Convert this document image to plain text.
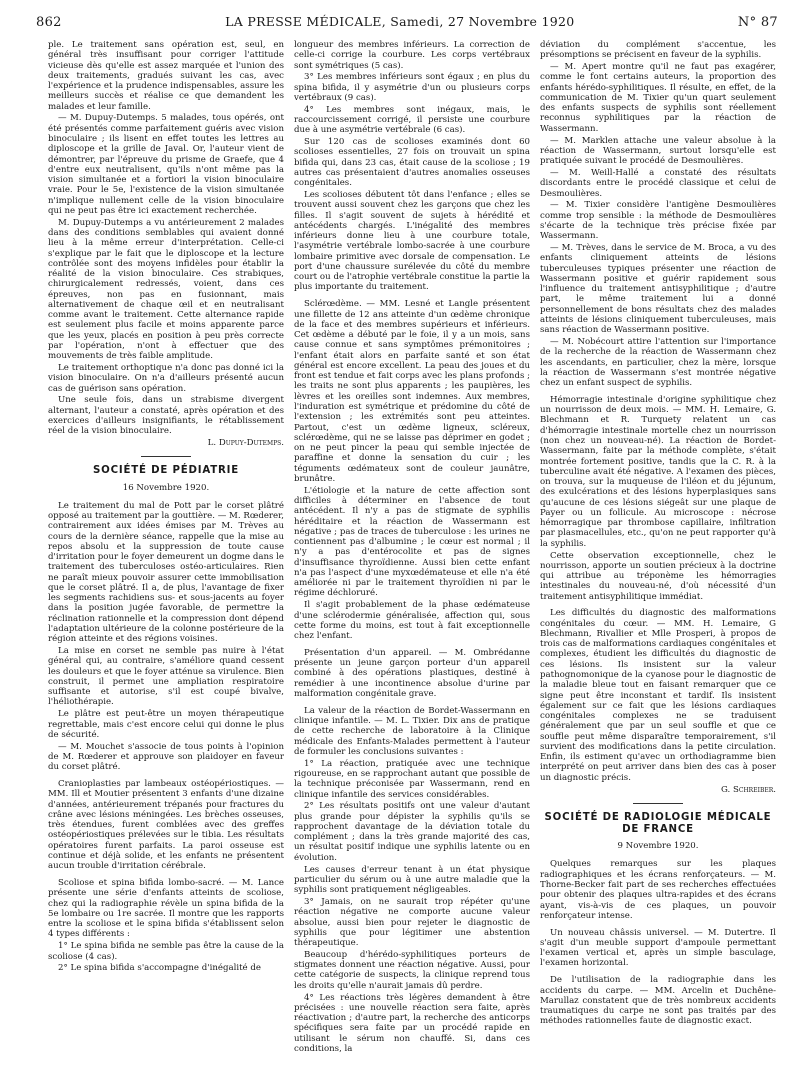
862	LA PRESSE MÉDICALE, Samedi, 27 Novembre 1920	N° 87

ple. Le traitement sans opération est, seul, en général très insuffisant pour corriger l'attitude vicieuse dès qu'elle est assez marquée et l'union des deux traitements, gradués suivant les cas, avec l'expérience et la prudence indispensables, assure les meilleurs succès et réalise ce que demandent les malades et leur famille.

— M. Dupuy-Dutemps. 5 malades, tous opérés, ont été présentés comme parfaitement guéris avec vision binoculaire ; ils lisent en effet toutes les lettres au diploscope et la grille de Javal. Or, l'auteur vient de démontrer, par l'épreuve du prisme de Graefe, que 4 d'entre eux neutralisent, qu'ils n'ont même pas la vision simultanée et a fortiori la vision binoculaire vraie. Pour le 5e, l'existence de la vision simultanée n'implique nullement celle de la vision binoculaire qui ne peut pas être ici exactement recherchée.

M. Dupuy-Dutemps a vu antérieurement 2 malades dans des conditions semblables qui avaient donné lieu à la même erreur d'interprétation. Celle-ci s'explique par le fait que le diploscope et la lecture contrôlée sont des moyens infidèles pour établir la réalité de la vision binoculaire. Ces strabiques, chirurgicalement redressés, voient, dans ces épreuves, non pas en fusionnant, mais alternativement de chaque œil et en neutralisant comme avant le traitement. Cette alternance rapide est seulement plus facile et moins apparente parce que les yeux, placés en position à peu près correcte par l'opération, n'ont à effectuer que des mouvements de très faible amplitude.

Le traitement orthoptique n'a donc pas donné ici la vision binoculaire. On n'a d'ailleurs présenté aucun cas de guérison sans opération.

Une seule fois, dans un strabisme divergent alternant, l'auteur a constaté, après opération et des exercices d'ailleurs insignifiants, le rétablissement réel de la vision binoculaire.

L. Dupuy-Dutemps.

SOCIÉTÉ DE PÉDIATRIE
16 Novembre 1920.

Le traitement du mal de Pott par le corset plâtré opposé au traitement par la gouttière. — M. Rœderer, contrairement aux idées émises par M. Trèves au cours de la dernière séance, rappelle que la mise au repos absolu et la suppression de toute cause d'irritation pour le foyer demeurent un dogme dans le traitement des tuberculoses ostéo-articulaires. Rien ne paraît mieux pouvoir assurer cette immobilisation que le corset plâtré. Il a, de plus, l'avantage de fixer les segments rachidiens sus- et sous-jacents au foyer dans la position jugée favorable, de permettre la réclination rationnelle et la compression dont dépend l'adaptation ultérieure de la colonne postérieure de la région atteinte et des régions voisines.

La mise en corset ne semble pas nuire à l'état général qui, au contraire, s'améliore quand cessent les douleurs et que le foyer atténue sa virulence. Bien construit, il permet une ampliation respiratoire suffisante et autorise, s'il est coupé bivalve, l'héliothérapie.

Le plâtre est peut-être un moyen thérapeutique regrettable, mais c'est encore celui qui donne le plus de sécurité.

— M. Mouchet s'associe de tous points à l'opinion de M. Rœderer et approuve son plaidoyer en faveur du corset plâtré.

Cranioplasties par lambeaux ostéopériostiques. — MM. Ill et Moutier présentent 3 enfants d'une dizaine d'années, antérieurement trépanés pour fractures du crâne avec lésions méningées. Les brèches osseuses, très étendues, furent comblées avec des greffes ostéopériostiques prélevées sur le tibia. Les résultats opératoires furent parfaits. La paroi osseuse est continue et déjà solide, et les enfants ne présentent aucun trouble d'irritation cérébrale.

Scoliose et spina bifida lombo-sacré. — M. Lance présente une série d'enfants atteints de scoliose, chez qui la radiographie révèle un spina bifida de la 5e lombaire ou 1re sacrée. Il montre que les rapports entre la scoliose et le spina bifida s'établissent selon 4 types différents :

1° Le spina bifida ne semble pas être la cause de la scoliose (4 cas).

2° Le spina bifida s'accompagne d'inégalité de

longueur des membres inférieurs. La correction de celle-ci corrige la courbure. Les corps vertébraux sont symétriques (5 cas).

3° Les membres inférieurs sont égaux ; en plus du spina bifida, il y asymétrie d'un ou plusieurs corps vertébraux (9 cas).

4° Les membres sont inégaux, mais, le raccourcissement corrigé, il persiste une courbure due à une asymétrie vertébrale (6 cas).

Sur 120 cas de scolioses examinés dont 60 scolioses essentielles, 27 fois on trouvait un spina bifida qui, dans 23 cas, était cause de la scoliose ; 19 autres cas présentaient d'autres anomalies osseuses congénitales.

Les scolioses débutent tôt dans l'enfance ; elles se trouvent aussi souvent chez les garçons que chez les filles. Il s'agit souvent de sujets à hérédité et antécédents chargés. L'inégalité des membres inférieurs donne lieu à une courbure totale, l'asymétrie vertébrale lombo-sacrée à une courbure lombaire primitive avec dorsale de compensation. Le port d'une chaussure surélevée du côté du membre court ou de l'atrophie vertébrale constitue la partie la plus importante du traitement.

Sclérœdème. — MM. Lesné et Langle présentent une fillette de 12 ans atteinte d'un œdème chronique de la face et des membres supérieurs et inférieurs. Cet œdème a débuté par le foie, il y a un mois, sans cause connue et sans symptômes prémonitoires ; l'enfant était alors en parfaite santé et son état général est encore excellent. La peau des joues et du front est tendue et fait corps avec les plans profonds ; les traits ne sont plus apparents ; les paupières, les lèvres et les oreilles sont indemnes. Aux membres, l'induration est symétrique et prédomine du côté de l'extension ; les extrémités sont peu atteintes. Partout, c'est un œdème ligneux, scléreux, sclérœdème, qui ne se laisse pas déprimer en godet ; on ne peut pincer la peau qui semble injectée de paraffine et donne la sensation du cuir ; les téguments œdémateux sont de couleur jaunâtre, brunâtre.

L'étiologie et la nature de cette affection sont difficiles à déterminer en l'absence de tout antécédent. Il n'y a pas de stigmate de syphilis héréditaire et la réaction de Wassermann est négative ; pas de traces de tuberculose : les urines ne contiennent pas d'albumine ; le cœur est normal ; il n'y a pas d'entérocolite et pas de signes d'insuffisance thyroïdienne. Aussi bien cette enfant n'a pas l'aspect d'une myxœdémateuse et elle n'a été améliorée ni par le traitement thyroïdien ni par le régime déchloruré.

Il s'agit probablement de la phase œdémateuse d'une sclérodermie généralisée, affection qui, sous cette forme du moins, est tout à fait exceptionnelle chez l'enfant.

Présentation d'un appareil. — M. Ombrédanne présente un jeune garçon porteur d'un appareil combiné à des opérations plastiques, destiné à remédier à une incontinence absolue d'urine par malformation congénitale grave.

La valeur de la réaction de Bordet-Wassermann en clinique infantile. — M. L. Tixier. Dix ans de pratique de cette recherche de laboratoire à la Clinique médicale des Enfants-Malades permettent à l'auteur de formuler les conclusions suivantes :

1° La réaction, pratiquée avec une technique rigoureuse, en se rapprochant autant que possible de la technique préconisée par Wassermann, rend en clinique infantile des services considérables.

2° Les résultats positifs ont une valeur d'autant plus grande pour dépister la syphilis qu'ils se rapprochent davantage de la déviation totale du complément ; dans la très grande majorité des cas, un résultat positif indique une syphilis latente ou en évolution.

Les causes d'erreur tenant à un état physique particulier du sérum ou à une autre maladie que la syphilis sont pratiquement négligeables.

3° Jamais, on ne saurait trop répéter qu'une réaction négative ne comporte aucune valeur absolue, aussi bien pour rejeter le diagnostic de syphilis que pour légitimer une abstention thérapeutique.

Beaucoup d'hérédo-syphilitiques porteurs de stigmates donnent une réaction négative. Aussi, pour cette catégorie de suspects, la clinique reprend tous les droits qu'elle n'aurait jamais dû perdre.

4° Les réactions très légères demandent à être précisées : une nouvelle réaction sera faite, après réactivation ; d'autre part, la recherche des anticorps spécifiques sera faite par un procédé rapide en utilisant le sérum non chauffé. Si, dans ces conditions, la

déviation du complément s'accentue, les présomptions se précisent en faveur de la syphilis.

— M. Apert montre qu'il ne faut pas exagérer, comme le font certains auteurs, la proportion des enfants hérédo-syphilitiques. Il résulte, en effet, de la communication de M. Tixier qu'un quart seulement des enfants suspects de syphilis sont réellement reconnus syphilitiques par la réaction de Wassermann.

— M. Marklen attache une valeur absolue à la réaction de Wassermann, surtout lorsqu'elle est pratiquée suivant le procédé de Desmoulières.

— M. Weill-Hallé a constaté des résultats discordants entre le procédé classique et celui de Desmoulières.

— M. Tixier considère l'antigène Desmoulières comme trop sensible : la méthode de Desmoulières s'écarte de la technique très précise fixée par Wassermann.

— M. Trèves, dans le service de M. Broca, a vu des enfants cliniquement atteints de lésions tuberculeuses typiques présenter une réaction de Wassermann positive et guérir rapidement sous l'influence du traitement antisyphilitique ; d'autre part, le même traitement lui a donné personnellement de bons résultats chez des malades atteints de lésions cliniquement tuberculeuses, mais sans réaction de Wassermann positive.

— M. Nobécourt attire l'attention sur l'importance de la recherche de la réaction de Wassermann chez les ascendants, en particulier, chez la mère, lorsque la réaction de Wassermann s'est montrée négative chez un enfant suspect de syphilis.

Hémorragie intestinale d'origine syphilitique chez un nourrisson de deux mois. — MM. H. Lemaire, G. Blechmann et R. Turquety relatent un cas d'hémorragie intestinale mortelle chez un nourrisson (non chez un nouveau-né). La réaction de Bordet-Wassermann, faite par la méthode complète, s'était montrée fortement positive, tandis que la C. R. à la tuberculine avait été négative. A l'examen des pièces, on trouva, sur la muqueuse de l'iléon et du jéjunum, des exulcérations et des lésions hyperplasiques sans qu'aucune de ces lésions siégeât sur une plaque de Payer ou un follicule. Au microscope : nécrose hémorragique par thrombose capillaire, infiltration par plasmacellules, etc., qu'on ne peut rapporter qu'à la syphilis.

Cette observation exceptionnelle, chez le nourrisson, apporte un soutien précieux à la doctrine qui attribue au tréponème les hémorragies intestinales du nouveau-né, d'où nécessité d'un traitement antisyphilitique immédiat.

Les difficultés du diagnostic des malformations congénitales du cœur. — MM. H. Lemaire, G Blechmann, Rivallier et Mlle Prosperi, à propos de trois cas de malformations cardiaques congénitales et complexes, étudient les difficultés du diagnostic de ces lésions. Ils insistent sur la valeur pathognomonique de la cyanose pour le diagnostic de la maladie bleue tout en faisant remarquer que ce signe peut être inconstant et tardif. Ils insistent également sur ce fait que les lésions cardiaques congénitales complexes ne se traduisent généralement que par un seul souffle et que ce souffle peut même disparaître temporairement, s'il survient des modifications dans la petite circulation. Enfin, ils estiment qu'avec un orthodiagramme bien interprété on peut arriver dans bien des cas à poser un diagnostic précis.

G. Schreiber.

SOCIÉTÉ DE RADIOLOGIE MÉDICALE DE FRANCE
9 Novembre 1920.

Quelques remarques sur les plaques radiographiques et les écrans renforçateurs. — M. Thorne-Becker fait part de ses recherches effectuées pour obtenir des plaques ultra-rapides et des écrans ayant, vis-à-vis de ces plaques, un pouvoir renforçateur intense.

Un nouveau châssis universel. — M. Dutertre. Il s'agit d'un meuble support d'ampoule permettant l'examen vertical et, après un simple basculage, l'examen horizontal.

De l'utilisation de la radiographie dans les accidents du carpe. — MM. Arcelin et Duchêne-Marullaz constatent que de très nombreux accidents traumatiques du carpe ne sont pas traités par des méthodes rationnelles faute de diagnostic exact.
